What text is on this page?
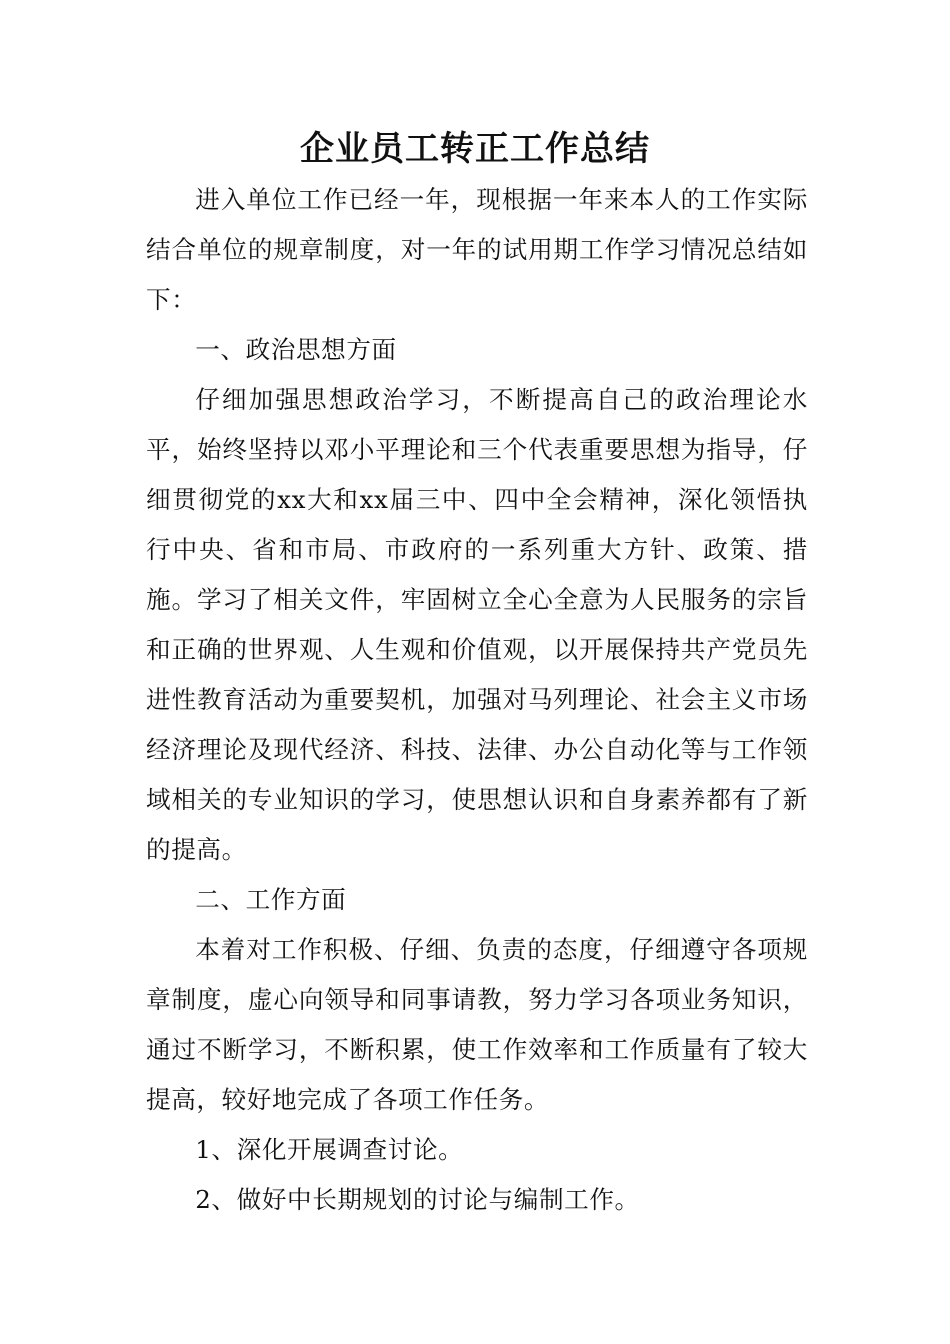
企业员工转正工作总结

进入单位工作已经一年，现根据一年来本人的工作实际结合单位的规章制度，对一年的试用期工作学习情况总结如下：

一、政治思想方面

仔细加强思想政治学习，不断提高自己的政治理论水平，始终坚持以邓小平理论和三个代表重要思想为指导，仔细贯彻党的xx大和xx届三中、四中全会精神，深化领悟执行中央、省和市局、市政府的一系列重大方针、政策、措施。学习了相关文件，牢固树立全心全意为人民服务的宗旨和正确的世界观、人生观和价值观，以开展保持共产党员先进性教育活动为重要契机，加强对马列理论、社会主义市场经济理论及现代经济、科技、法律、办公自动化等与工作领域相关的专业知识的学习，使思想认识和自身素养都有了新的提高。

二、工作方面

本着对工作积极、仔细、负责的态度，仔细遵守各项规章制度，虚心向领导和同事请教，努力学习各项业务知识，通过不断学习，不断积累，使工作效率和工作质量有了较大提高，较好地完成了各项工作任务。

1、深化开展调查讨论。

2、做好中长期规划的讨论与编制工作。
